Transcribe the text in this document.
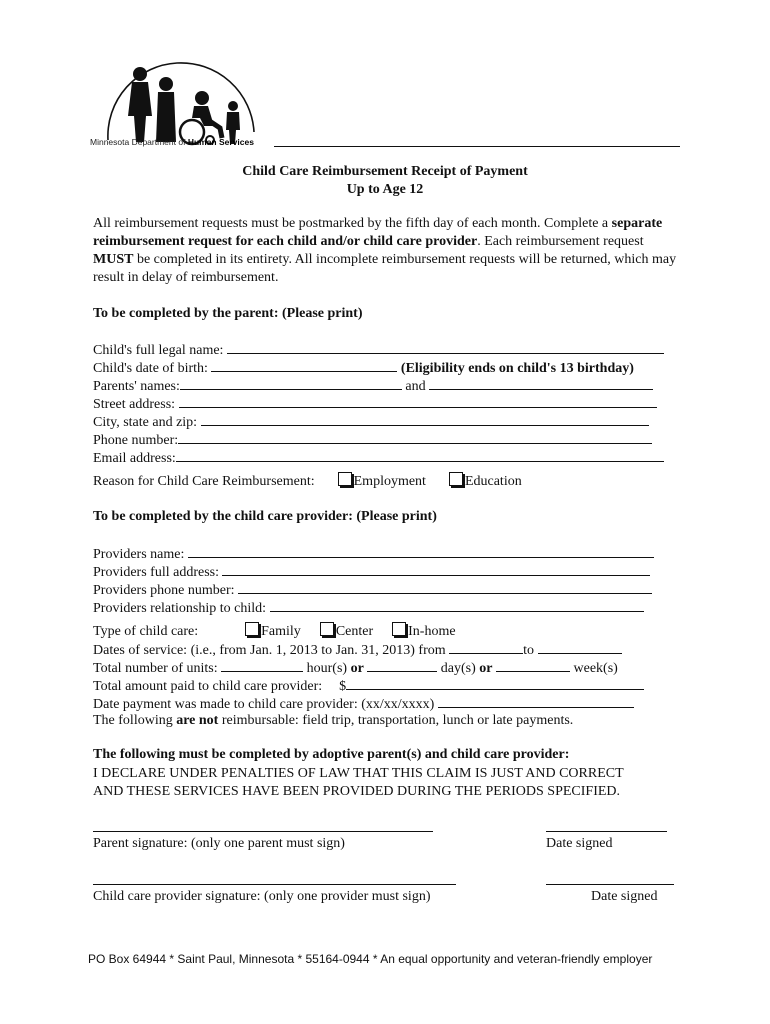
Minnesota Department of Human Services
Child Care Reimbursement Receipt of Payment
Up to Age 12
All reimbursement requests must be postmarked by the fifth day of each month. Complete a separate reimbursement request for each child and/or child care provider. Each reimbursement request MUST be completed in its entirety. All incomplete reimbursement requests will be returned, which may result in delay of reimbursement.
To be completed by the parent: (Please print)
Child's full legal name:
Child's date of birth:	(Eligibility ends on child's 13 birthday)
Parents' names:	and
Street address:
City, state and zip:
Phone number:
Email address:
Reason for Child Care Reimbursement:	Employment	Education
To be completed by the child care provider: (Please print)
Providers name:
Providers full address:
Providers phone number:
Providers relationship to child:
Type of child care:	Family	Center	In-home
Dates of service: (i.e., from Jan. 1, 2013 to Jan. 31, 2013) from	to
Total number of units:	hour(s) or	day(s) or	week(s)
Total amount paid to child care provider: $
Date payment was made to child care provider: (xx/xx/xxxx)
The following are not reimbursable: field trip, transportation, lunch or late payments.
The following must be completed by adoptive parent(s) and child care provider:
I DECLARE UNDER PENALTIES OF LAW THAT THIS CLAIM IS JUST AND CORRECT
AND THESE SERVICES HAVE BEEN PROVIDED DURING THE PERIODS SPECIFIED.
Parent signature: (only one parent must sign)	Date signed
Child care provider signature: (only one provider must sign)	Date signed
PO Box 64944 * Saint Paul, Minnesota * 55164-0944 * An equal opportunity and veteran-friendly employer
